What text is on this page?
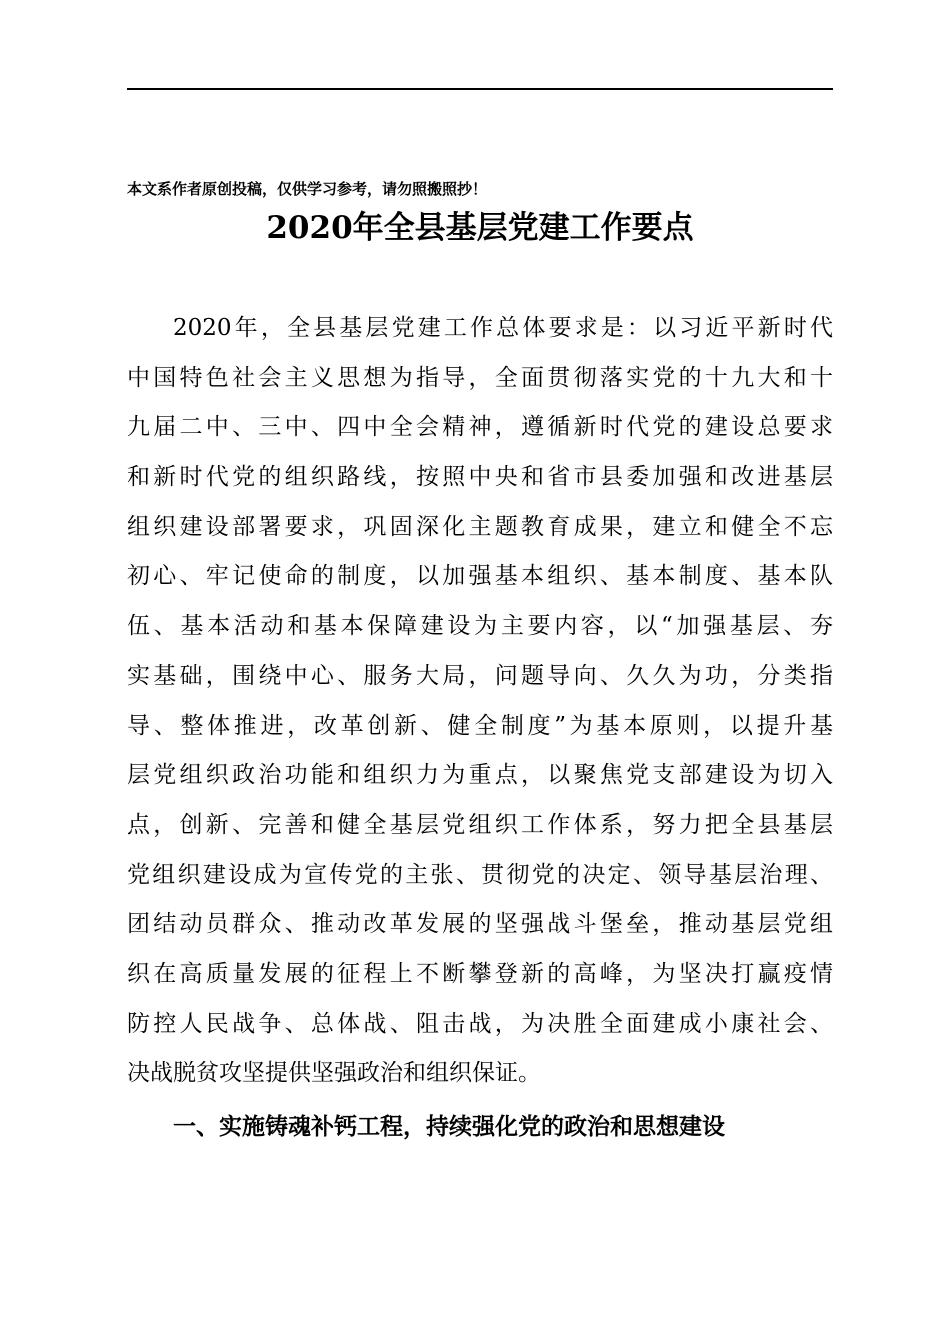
本文系作者原创投稿，仅供学习参考，请勿照搬照抄！
2020年全县基层党建工作要点
2020年，全县基层党建工作总体要求是：以习近平新时代
中国特色社会主义思想为指导，全面贯彻落实党的十九大和十
九届二中、三中、四中全会精神，遵循新时代党的建设总要求
和新时代党的组织路线，按照中央和省市县委加强和改进基层
组织建设部署要求，巩固深化主题教育成果，建立和健全不忘
初心、牢记使命的制度，以加强基本组织、基本制度、基本队
伍、基本活动和基本保障建设为主要内容，以“加强基层、夯
实基础，围绕中心、服务大局，问题导向、久久为功，分类指
导、整体推进，改革创新、健全制度”为基本原则，以提升基
层党组织政治功能和组织力为重点，以聚焦党支部建设为切入
点，创新、完善和健全基层党组织工作体系，努力把全县基层
党组织建设成为宣传党的主张、贯彻党的决定、领导基层治理、
团结动员群众、推动改革发展的坚强战斗堡垒，推动基层党组
织在高质量发展的征程上不断攀登新的高峰，为坚决打赢疫情
防控人民战争、总体战、阻击战，为决胜全面建成小康社会、
决战脱贫攻坚提供坚强政治和组织保证。
一、实施铸魂补钙工程，持续强化党的政治和思想建设
